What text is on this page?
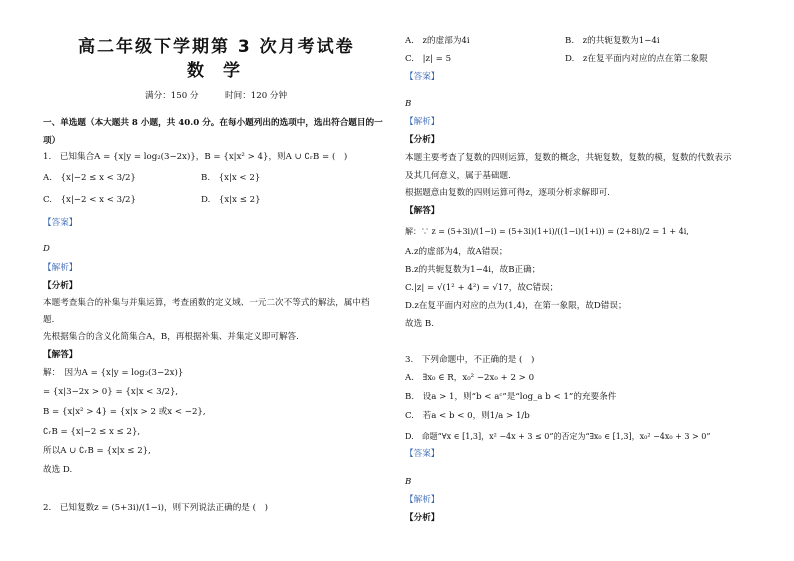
高二年级下学期第 3 次月考试卷
数　学
满分：150 分	时间：120 分钟
一、单选题（本大题共 8 小题，共 40.0 分。在每小题列出的选项中，选出符合题目的一
项）
1.　已知集合A = {x|y = log₂(3−2x)}，B = {x|x² > 4}，则A ∪ ∁ᵣB = (　)
A.　{x|−2 ≤ x < 3/2}	B.　{x|x < 2}
C.　{x|−2 < x < 3/2}	D.　{x|x ≤ 2}
【答案】
D
【解析】
【分析】
本题考查集合的补集与并集运算，考查函数的定义域、一元二次不等式的解法，属中档
题.
先根据集合的含义化简集合A，B，再根据补集、并集定义即可解答.
【解答】
解：　因为A = {x|y = log₂(3−2x)}
= {x|3−2x > 0} = {x|x < 3/2},
B = {x|x² > 4} = {x|x > 2 或x < −2},
∁ᵣB = {x|−2 ≤ x ≤ 2},
所以A ∪ ∁ᵣB = {x|x ≤ 2},
故选 D.
2.　已知复数z = (5+3i)/(1−i)，则下列说法正确的是 (　)
A.　z的虚部为4i	B.　z的共轭复数为1−4i
C.　|z| = 5	D.　z在复平面内对应的点在第二象限
【答案】
B
【解析】
【分析】
本题主要考查了复数的四则运算，复数的概念，共轭复数，复数的模，复数的代数表示
及其几何意义，属于基础题.
根据题意由复数的四则运算可得z，逐项分析求解即可.
【解答】
解：∵ z = (5+3i)/(1−i) = (5+3i)(1+i)/((1−i)(1+i)) = (2+8i)/2 = 1 + 4i,
A.z的虚部为4，故A错误；
B.z的共轭复数为1−4i，故B正确；
C.|z| = √(1² + 4²) = √17，故C错误；
D.z在复平面内对应的点为(1,4)，在第一象限，故D错误；
故选 B.
3.　下列命题中，不正确的是 (　)
A.　∃x₀ ∈ R，x₀² −2x₀ + 2 > 0
B.　设a > 1，则“b < aᶜ”是“log_a b < 1”的充要条件
C.　若a < b < 0，则1/a > 1/b
D.　命题“∀x ∈ [1,3]，x² −4x + 3 ≤ 0”的否定为“∃x₀ ∈ [1,3]，x₀² −4x₀ + 3 > 0”
【答案】
B
【解析】
【分析】
